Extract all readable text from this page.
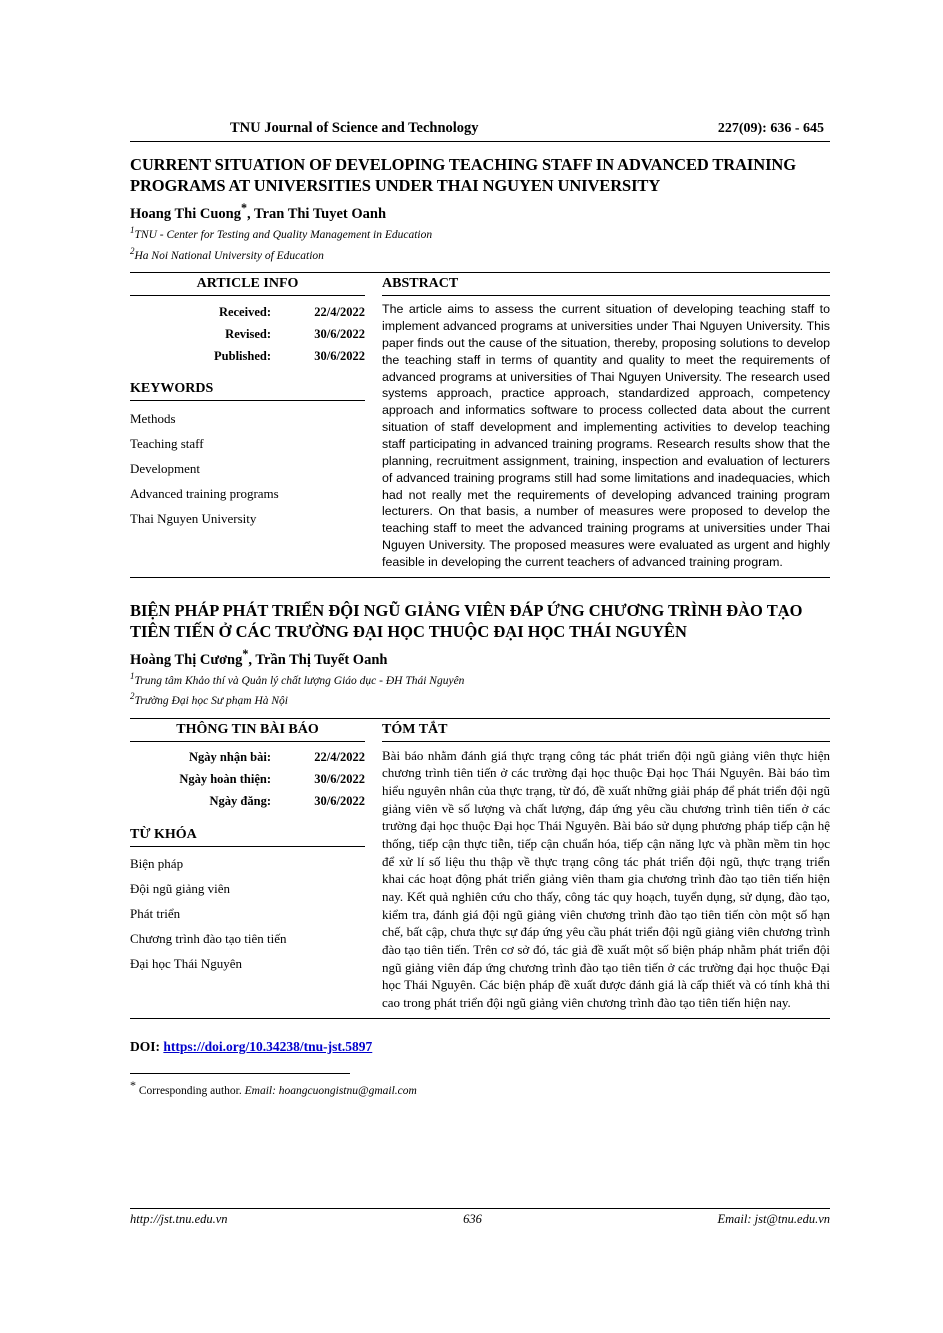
TNU Journal of Science and Technology	227(09): 636 - 645
CURRENT SITUATION OF DEVELOPING TEACHING STAFF IN ADVANCED TRAINING PROGRAMS AT UNIVERSITIES UNDER THAI NGUYEN UNIVERSITY
Hoang Thi Cuong*, Tran Thi Tuyet Oanh
$^1$TNU - Center for Testing and Quality Management in Education
$^2$Ha Noi National University of Education
ARTICLE INFO
Received:	22/4/2022
Revised:	30/6/2022
Published:	30/6/2022
KEYWORDS
Methods
Teaching staff
Development
Advanced training programs
Thai Nguyen University
ABSTRACT
The article aims to assess the current situation of developing teaching staff to implement advanced programs at universities under Thai Nguyen University. This paper finds out the cause of the situation, thereby, proposing solutions to develop the teaching staff in terms of quantity and quality to meet the requirements of advanced programs at universities of Thai Nguyen University. The research used systems approach, practice approach, standardized approach, competency approach and informatics software to process collected data about the current situation of staff development and implementing activities to develop teaching staff participating in advanced training programs. Research results show that the planning, recruitment assignment, training, inspection and evaluation of lecturers of advanced training programs still had some limitations and inadequacies, which had not really met the requirements of developing advanced training program lecturers. On that basis, a number of measures were proposed to develop the teaching staff to meet the advanced training programs at universities under Thai Nguyen University. The proposed measures were evaluated as urgent and highly feasible in developing the current teachers of advanced training program.
BIỆN PHÁP PHÁT TRIỂN ĐỘI NGŨ GIẢNG VIÊN ĐÁP ỨNG CHƯƠNG TRÌNH ĐÀO TẠO TIÊN TIẾN Ở CÁC TRƯỜNG ĐẠI HỌC THUỘC ĐẠI HỌC THÁI NGUYÊN
Hoàng Thị Cương*, Trần Thị Tuyết Oanh
$^1$Trung tâm Khảo thí và Quản lý chất lượng Giáo dục - ĐH Thái Nguyên
$^2$Trường Đại học Sư phạm Hà Nội
THÔNG TIN BÀI BÁO
Ngày nhận bài:	22/4/2022
Ngày hoàn thiện:	30/6/2022
Ngày đăng:	30/6/2022
TỪ KHÓA
Biện pháp
Đội ngũ giảng viên
Phát triển
Chương trình đào tạo tiên tiến
Đại học Thái Nguyên
TÓM TẮT
Bài báo nhằm đánh giá thực trạng công tác phát triển đội ngũ giảng viên thực hiện chương trình tiên tiến ở các trường đại học thuộc Đại học Thái Nguyên. Bài báo tìm hiểu nguyên nhân của thực trạng, từ đó, đề xuất những giải pháp để phát triển đội ngũ giảng viên về số lượng và chất lượng, đáp ứng yêu cầu chương trình tiên tiến ở các trường đại học thuộc Đại học Thái Nguyên. Bài báo sử dụng phương pháp tiếp cận hệ thống, tiếp cận thực tiễn, tiếp cận chuẩn hóa, tiếp cận năng lực và phần mềm tin học để xử lí số liệu thu thập về thực trạng công tác phát triển đội ngũ, thực trạng triển khai các hoạt động phát triển giảng viên tham gia chương trình đào tạo tiên tiến hiện nay. Kết quả nghiên cứu cho thấy, công tác quy hoạch, tuyển dụng, sử dụng, đào tạo, kiểm tra, đánh giá đội ngũ giảng viên chương trình đào tạo tiên tiến còn một số hạn chế, bất cập, chưa thực sự đáp ứng yêu cầu phát triển đội ngũ giảng viên chương trình đào tạo tiên tiến. Trên cơ sở đó, tác giả đề xuất một số biện pháp nhằm phát triển đội ngũ giảng viên đáp ứng chương trình đào tạo tiên tiến ở các trường đại học thuộc Đại học Thái Nguyên. Các biện pháp đề xuất được đánh giá là cấp thiết và có tính khả thi cao trong phát triển đội ngũ giảng viên chương trình đào tạo tiên tiến hiện nay.
DOI: https://doi.org/10.34238/tnu-jst.5897
* Corresponding author. Email: hoangcuongistnu@gmail.com
http://jst.tnu.edu.vn	636	Email: jst@tnu.edu.vn
